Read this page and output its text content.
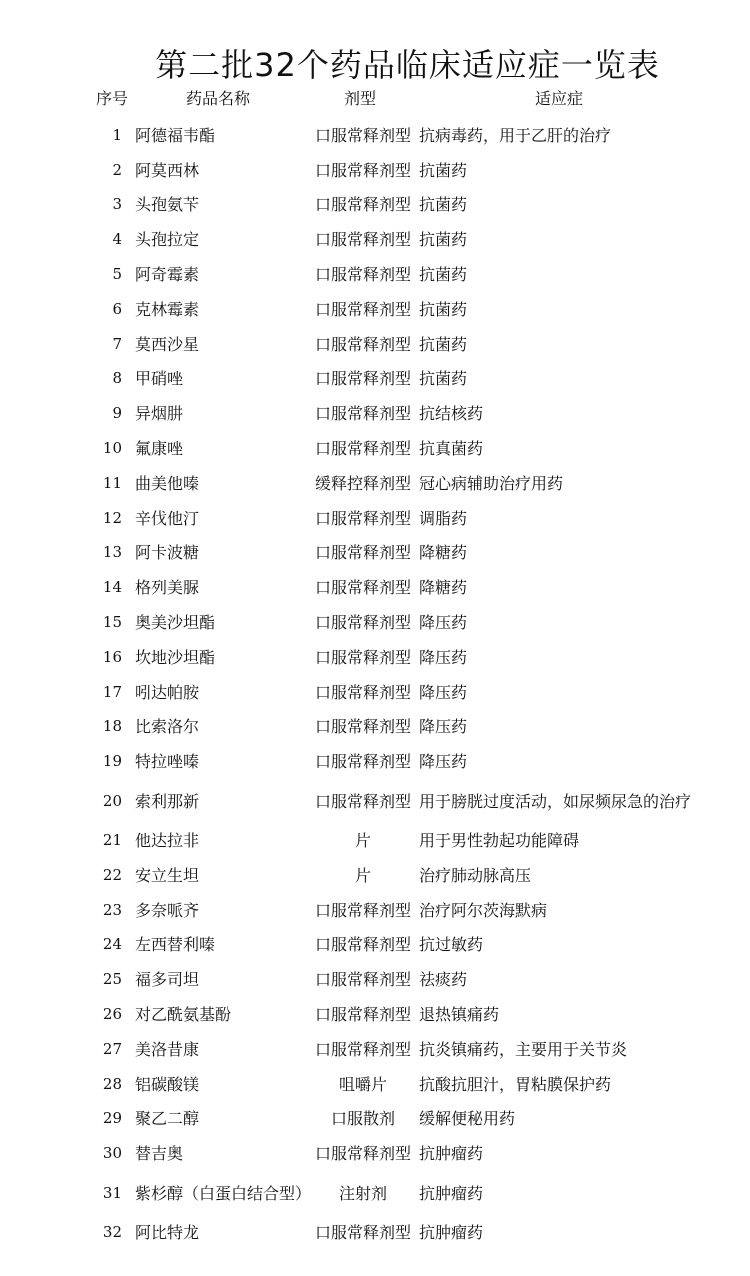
第二批32个药品临床适应症一览表
序号	药品名称	剂型	适应症
1 阿德福韦酯	口服常释剂型 抗病毒药，用于乙肝的治疗
2 阿莫西林	口服常释剂型 抗菌药
3 头孢氨苄	口服常释剂型 抗菌药
4 头孢拉定	口服常释剂型 抗菌药
5 阿奇霉素	口服常释剂型 抗菌药
6 克林霉素	口服常释剂型 抗菌药
7 莫西沙星	口服常释剂型 抗菌药
8 甲硝唑	口服常释剂型 抗菌药
9 异烟肼	口服常释剂型 抗结核药
10 氟康唑	口服常释剂型 抗真菌药
11 曲美他嗪	缓释控释剂型 冠心病辅助治疗用药
12 辛伐他汀	口服常释剂型 调脂药
13 阿卡波糖	口服常释剂型 降糖药
14 格列美脲	口服常释剂型 降糖药
15 奥美沙坦酯	口服常释剂型 降压药
16 坎地沙坦酯	口服常释剂型 降压药
17 吲达帕胺	口服常释剂型 降压药
18 比索洛尔	口服常释剂型 降压药
19 特拉唑嗪	口服常释剂型 降压药
20 索利那新	口服常释剂型 用于膀胱过度活动，如尿频尿急的治疗
21 他达拉非	片	用于男性勃起功能障碍
22 安立生坦	片	治疗肺动脉高压
23 多奈哌齐	口服常释剂型 治疗阿尔茨海默病
24 左西替利嗪	口服常释剂型 抗过敏药
25 福多司坦	口服常释剂型 祛痰药
26 对乙酰氨基酚	口服常释剂型 退热镇痛药
27 美洛昔康	口服常释剂型 抗炎镇痛药，主要用于关节炎
28 铝碳酸镁	咀嚼片	抗酸抗胆汁，胃粘膜保护药
29 聚乙二醇	口服散剂	缓解便秘用药
30 替吉奥	口服常释剂型 抗肿瘤药
31 紫杉醇（白蛋白结合型）	注射剂	抗肿瘤药
32 阿比特龙	口服常释剂型 抗肿瘤药
